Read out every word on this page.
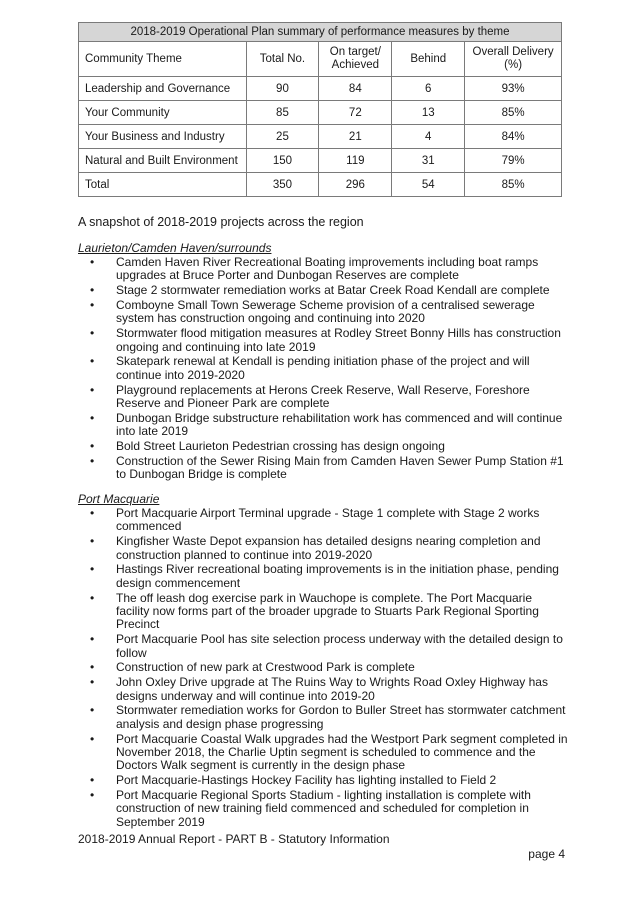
2018-2019 Operational Plan summary of performance measures by theme				
Community Theme	Total No.	On target/ Achieved	Behind	Overall Delivery (%)
Leadership and Governance	90	84	6	93%
Your Community	85	72	13	85%
Your Business and Industry	25	21	4	84%
Natural and Built Environment	150	119	31	79%
Total	350	296	54	85%
A snapshot of 2018-2019 projects across the region
Laurieton/Camden Haven/surrounds
• Camden Haven River Recreational Boating improvements including boat ramps upgrades at Bruce Porter and Dunbogan Reserves are complete
• Stage 2 stormwater remediation works at Batar Creek Road Kendall are complete
• Comboyne Small Town Sewerage Scheme provision of a centralised sewerage system has construction ongoing and continuing into 2020
• Stormwater flood mitigation measures at Rodley Street Bonny Hills has construction ongoing and continuing into late 2019
• Skatepark renewal at Kendall is pending initiation phase of the project and will continue into 2019-2020
• Playground replacements at Herons Creek Reserve, Wall Reserve, Foreshore Reserve and Pioneer Park are complete
• Dunbogan Bridge substructure rehabilitation work has commenced and will continue into late 2019
• Bold Street Laurieton Pedestrian crossing has design ongoing
• Construction of the Sewer Rising Main from Camden Haven Sewer Pump Station #1 to Dunbogan Bridge is complete
Port Macquarie
• Port Macquarie Airport Terminal upgrade - Stage 1 complete with Stage 2 works commenced
• Kingfisher Waste Depot expansion has detailed designs nearing completion and construction planned to continue into 2019-2020
• Hastings River recreational boating improvements is in the initiation phase, pending design commencement
• The off leash dog exercise park in Wauchope is complete. The Port Macquarie facility now forms part of the broader upgrade to Stuarts Park Regional Sporting Precinct
• Port Macquarie Pool has site selection process underway with the detailed design to follow
• Construction of new park at Crestwood Park is complete
• John Oxley Drive upgrade at The Ruins Way to Wrights Road Oxley Highway has designs underway and will continue into 2019-20
• Stormwater remediation works for Gordon to Buller Street has stormwater catchment analysis and design phase progressing
• Port Macquarie Coastal Walk upgrades had the Westport Park segment completed in November 2018, the Charlie Uptin segment is scheduled to commence and the Doctors Walk segment is currently in the design phase
• Port Macquarie-Hastings Hockey Facility has lighting installed to Field 2
• Port Macquarie Regional Sports Stadium - lighting installation is complete with construction of new training field commenced and scheduled for completion in September 2019
2018-2019 Annual Report - PART B - Statutory Information
page 4
